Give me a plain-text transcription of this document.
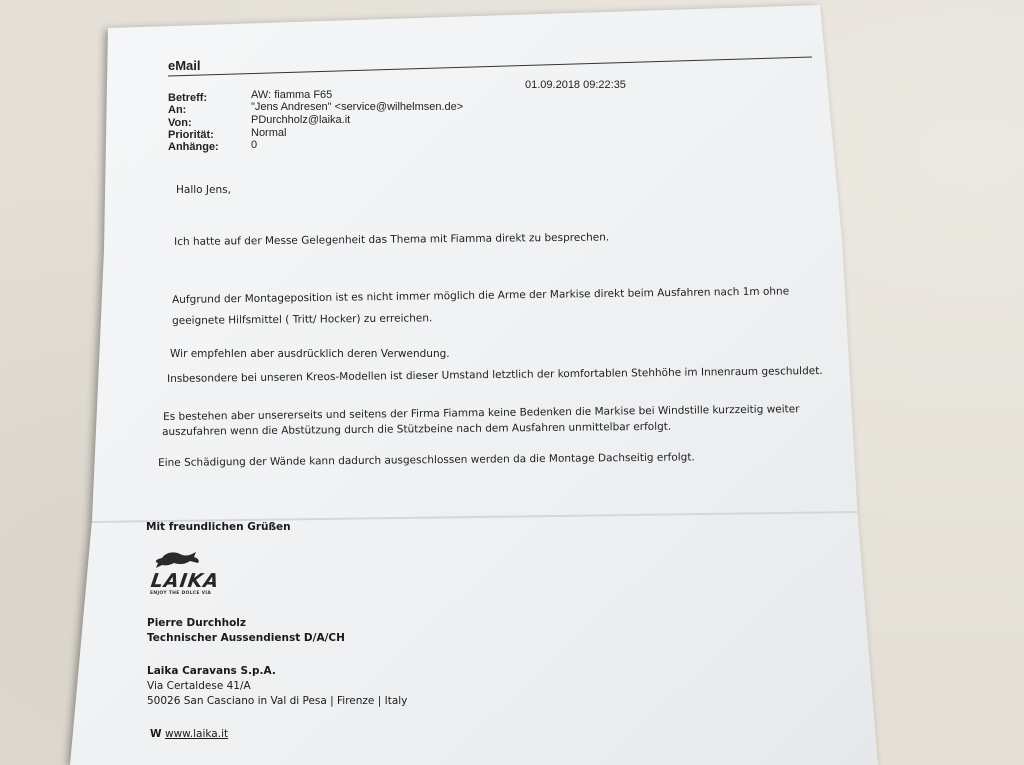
eMail
01.09.2018 09:22:35
Betreff:	AW: fiamma F65
An:	"Jens Andresen" <service@wilhelmsen.de>
Von:	PDurchholz@laika.it
Priorität:	Normal
Anhänge:	0
Hallo Jens,
Ich hatte auf der Messe Gelegenheit das Thema mit Fiamma direkt zu besprechen.
Aufgrund der Montageposition ist es nicht immer möglich die Arme der Markise direkt beim Ausfahren nach 1m ohne
geeignete Hilfsmittel ( Tritt/ Hocker) zu erreichen.
Wir empfehlen aber ausdrücklich deren Verwendung.
Insbesondere bei unseren Kreos-Modellen ist dieser Umstand letztlich der komfortablen Stehhöhe im Innenraum geschuldet.
Es bestehen aber unsererseits und seitens der Firma Fiamma keine Bedenken die Markise bei Windstille kurzzeitig weiter
auszufahren wenn die Abstützung durch die Stützbeine nach dem Ausfahren unmittelbar erfolgt.
Eine Schädigung der Wände kann dadurch ausgeschlossen werden da die Montage Dachseitig erfolgt.
Mit freundlichen Grüßen
LAIKA
ENJOY THE DOLCE VIA
Pierre Durchholz
Technischer Aussendienst D/A/CH
Laika Caravans S.p.A.
Via Certaldese 41/A
50026 San Casciano in Val di Pesa | Firenze | Italy
W www.laika.it
